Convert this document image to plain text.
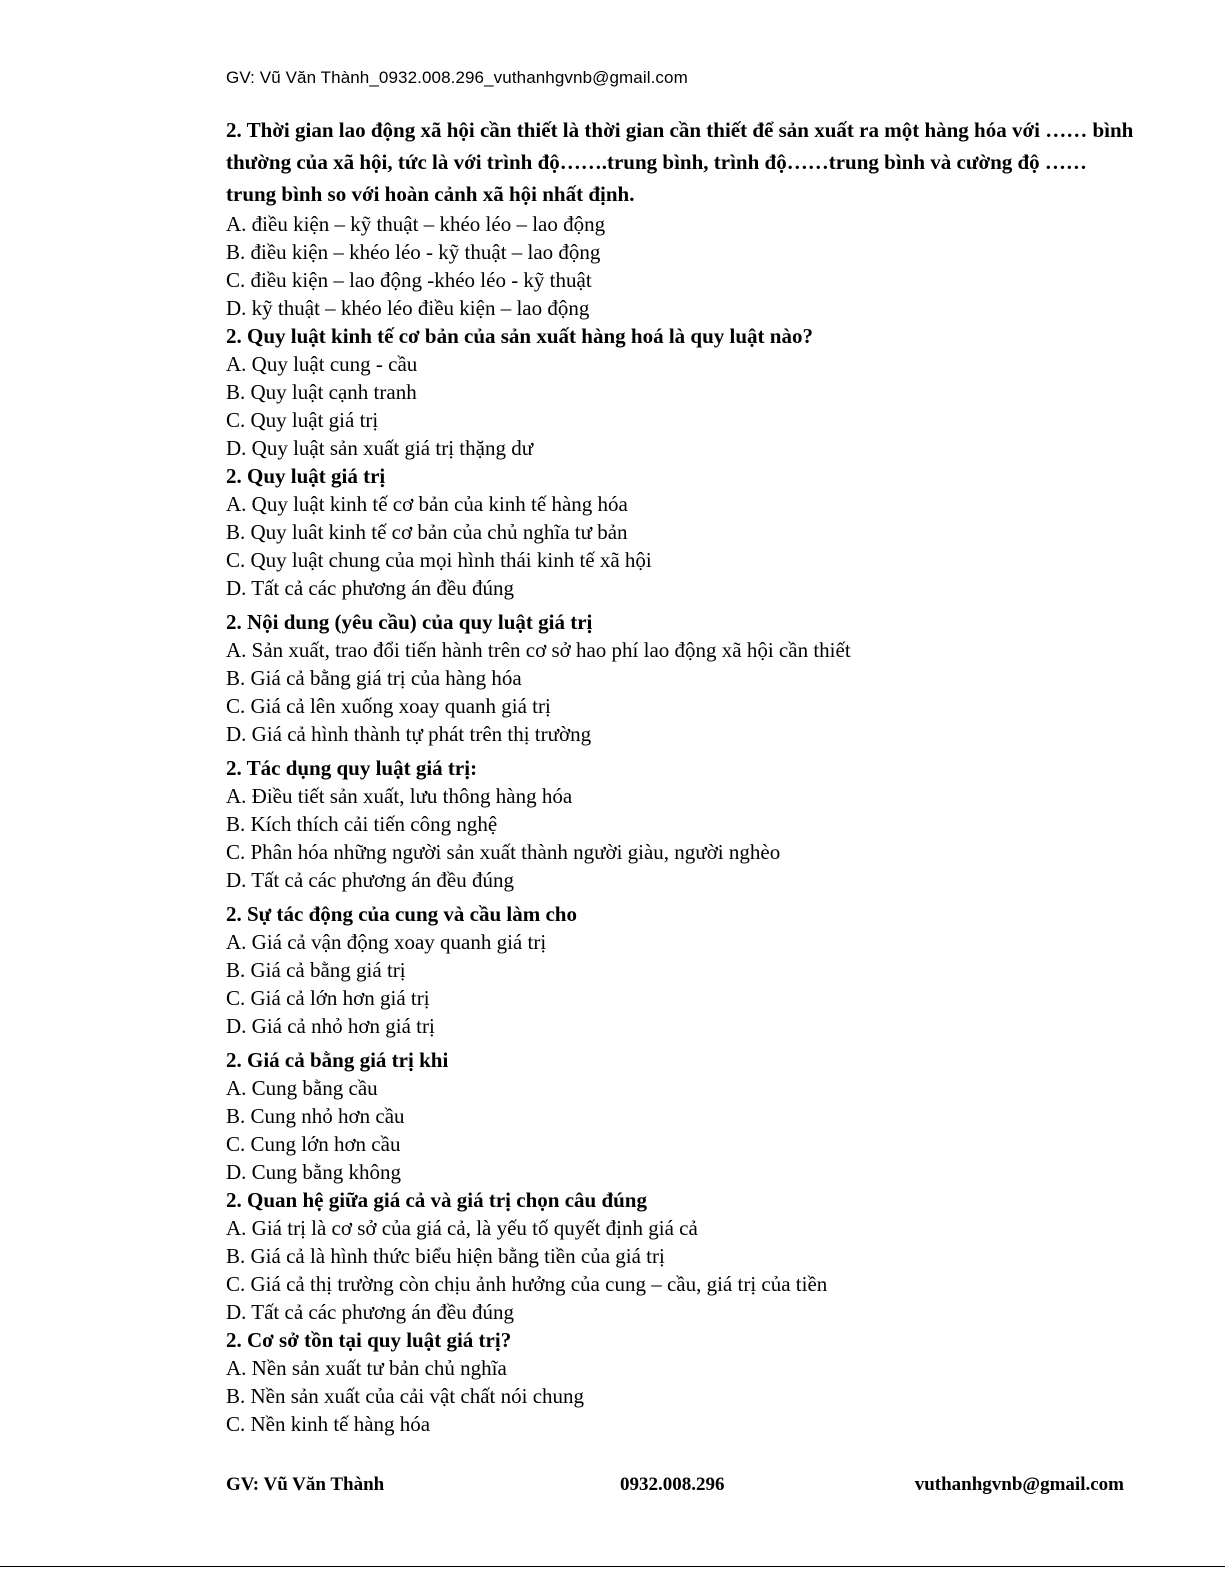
GV: Vũ Văn Thành_0932.008.296_vuthanhgvnb@gmail.com

2. Thời gian lao động xã hội cần thiết là thời gian cần thiết để sản xuất ra một hàng hóa với …… bình thường của xã hội, tức là với trình độ…….trung bình, trình độ……trung bình và cường độ ……trung bình so với hoàn cảnh xã hội nhất định.

A. điều kiện – kỹ thuật – khéo léo – lao động

B. điều kiện – khéo léo - kỹ thuật – lao động

C. điều kiện – lao động -khéo léo - kỹ thuật

D. kỹ thuật – khéo léo điều kiện – lao động

2. Quy luật kinh tế cơ bản của sản xuất hàng hoá là quy luật nào?

A. Quy luật cung - cầu

B. Quy luật cạnh tranh

C. Quy luật giá trị

D. Quy luật sản xuất giá trị thặng dư

2. Quy luật giá trị

A. Quy luật kinh tế cơ bản của kinh tế hàng hóa

B. Quy luât kinh tế cơ bản của chủ nghĩa tư bản

C. Quy luật chung của mọi hình thái kinh tế xã hội

D. Tất cả các phương án đều đúng

2. Nội dung (yêu cầu) của quy luật giá trị

A. Sản xuất, trao đổi tiến hành trên cơ sở hao phí lao động xã hội cần thiết

B. Giá cả bằng giá trị của hàng hóa

C. Giá cả lên xuống xoay quanh giá trị

D. Giá cả hình thành tự phát trên thị trường

2. Tác dụng quy luật giá trị:

A. Điều tiết sản xuất, lưu thông hàng hóa

B. Kích thích cải tiến công nghệ

C. Phân hóa những người sản xuất thành người giàu, người nghèo

D. Tất cả các phương án đều đúng

2. Sự tác động của cung và cầu làm cho

A. Giá cả vận động xoay quanh giá trị

B. Giá cả bằng giá trị

C. Giá cả lớn hơn giá trị

D. Giá cả nhỏ hơn giá trị

2. Giá cả bằng giá trị khi

A. Cung bằng cầu

B. Cung nhỏ hơn cầu

C. Cung lớn hơn cầu

D. Cung bằng không

2. Quan hệ giữa giá cả và giá trị chọn câu đúng

A. Giá trị là cơ sở của giá cả, là yếu tố quyết định giá cả

B. Giá cả là hình thức biểu hiện bằng tiền của giá trị

C. Giá cả thị trường còn chịu ảnh hưởng của cung – cầu, giá trị của tiền

D. Tất cả các phương án đều đúng

2. Cơ sở tồn tại quy luật giá trị?

A. Nền sản xuất tư bản chủ nghĩa

B. Nền sản xuất của cải vật chất nói chung

C. Nền kinh tế hàng hóa

GV: Vũ Văn Thành	0932.008.296	vuthanhgvnb@gmail.com
